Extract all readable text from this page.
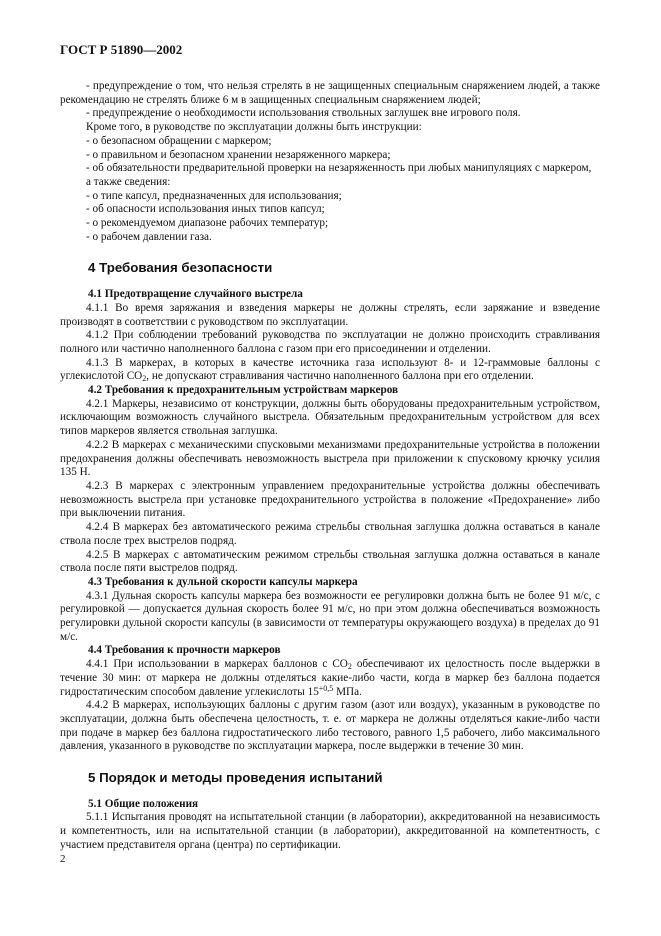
ГОСТ Р 51890—2002

- предупреждение о том, что нельзя стрелять в не защищенных специальным снаряжением людей, а также рекомендацию не стрелять ближе 6 м в защищенных специальным снаряжением людей;

- предупреждение о необходимости использования ствольных заглушек вне игрового поля.

Кроме того, в руководстве по эксплуатации должны быть инструкции:

- о безопасном обращении с маркером;

- о правильном и безопасном хранении незаряженного маркера;

- об обязательности предварительной проверки на незаряженность при любых манипуляциях с маркером,

а также сведения:

- о типе капсул, предназначенных для использования;

- об опасности использования иных типов капсул;

- о рекомендуемом диапазоне рабочих температур;

- о рабочем давлении газа.

4 Требования безопасности

4.1 Предотвращение случайного выстрела

4.1.1 Во время заряжания и взведения маркеры не должны стрелять, если заряжание и взведение производят в соответствии с руководством по эксплуатации.

4.1.2 При соблюдении требований руководства по эксплуатации не должно происходить стравливания полного или частично наполненного баллона с газом при его присоединении и отделении.

4.1.3 В маркерах, в которых в качестве источника газа используют 8- и 12-граммовые баллоны с углекислотой $СО_2$, не допускают стравливания частично наполненного баллона при его отделении.

4.2 Требования к предохранительным устройствам маркеров

4.2.1 Маркеры, независимо от конструкции, должны быть оборудованы предохранительным устройством, исключающим возможность случайного выстрела. Обязательным предохранительным устройством для всех типов маркеров является ствольная заглушка.

4.2.2 В маркерах с механическими спусковыми механизмами предохранительные устройства в положении предохранения должны обеспечивать невозможность выстрела при приложении к спусковому крючку усилия 135 Н.

4.2.3 В маркерах с электронным управлением предохранительные устройства должны обеспечивать невозможность выстрела при установке предохранительного устройства в положение «Предохранение» либо при выключении питания.

4.2.4 В маркерах без автоматического режима стрельбы ствольная заглушка должна оставаться в канале ствола после трех выстрелов подряд.

4.2.5 В маркерах с автоматическим режимом стрельбы ствольная заглушка должна оставаться в канале ствола после пяти выстрелов подряд.

4.3 Требования к дульной скорости капсулы маркера

4.3.1 Дульная скорость капсулы маркера без возможности ее регулировки должна быть не более 91 м/с, с регулировкой — допускается дульная скорость более 91 м/с, но при этом должна обеспечиваться возможность регулировки дульной скорости капсулы (в зависимости от температуры окружающего воздуха) в пределах до 91 м/с.

4.4 Требования к прочности маркеров

4.4.1 При использовании в маркерах баллонов с $СО_2$ обеспечивают их целостность после выдержки в течение 30 мин: от маркера не должны отделяться какие-либо части, когда в маркер без баллона подается гидростатическим способом давление углекислоты $15^{+0,5}$ МПа.

4.4.2 В маркерах, использующих баллоны с другим газом (азот или воздух), указанным в руководстве по эксплуатации, должна быть обеспечена целостность, т. е. от маркера не должны отделяться какие-либо части при подаче в маркер без баллона гидростатического либо тестового, равного 1,5 рабочего, либо максимального давления, указанного в руководстве по эксплуатации маркера, после выдержки в течение 30 мин.

5 Порядок и методы проведения испытаний

5.1 Общие положения

5.1.1 Испытания проводят на испытательной станции (в лаборатории), аккредитованной на независимость и компетентность, или на испытательной станции (в лаборатории), аккредитованной на компетентность, с участием представителя органа (центра) по сертификации.

2
